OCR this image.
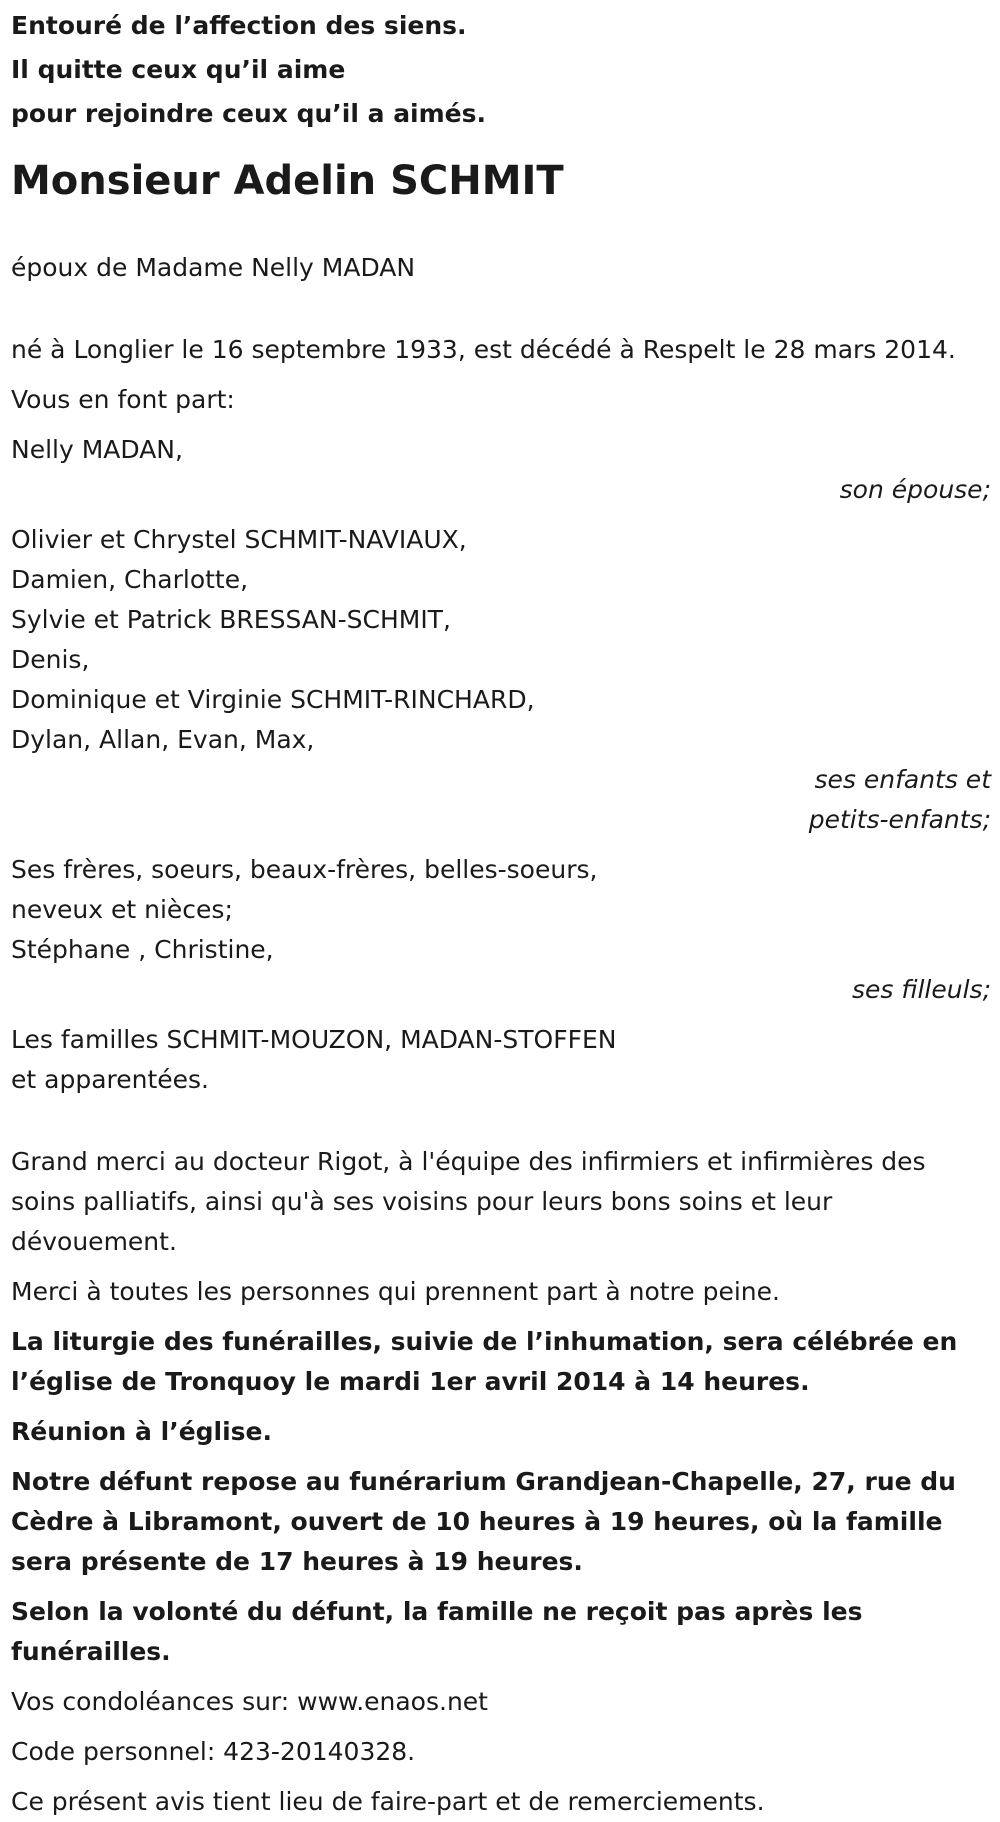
Entouré de l’affection des siens.

Il quitte ceux qu’il aime

pour rejoindre ceux qu’il a aimés.

Monsieur Adelin SCHMIT

époux de Madame Nelly MADAN

né à Longlier le 16 septembre 1933, est décédé à Respelt le 28 mars 2014.

Vous en font part:

Nelly MADAN,

son épouse;

Olivier et Chrystel SCHMIT-NAVIAUX,

Damien, Charlotte,

Sylvie et Patrick BRESSAN-SCHMIT,

Denis,

Dominique et Virginie SCHMIT-RINCHARD,

Dylan, Allan, Evan, Max,

ses enfants et

petits-enfants;

Ses frères, soeurs, beaux-frères, belles-soeurs,

neveux et nièces;

Stéphane , Christine,

ses filleuls;

Les familles SCHMIT-MOUZON, MADAN-STOFFEN

et apparentées.

Grand merci au docteur Rigot, à l'équipe des infirmiers et infirmières des soins palliatifs, ainsi qu'à ses voisins pour leurs bons soins et leur dévouement.

Merci à toutes les personnes qui prennent part à notre peine.

La liturgie des funérailles, suivie de l’inhumation, sera célébrée en l’église de Tronquoy le mardi 1er avril 2014 à 14 heures.

Réunion à l’église.

Notre défunt repose au funérarium Grandjean-Chapelle, 27, rue du Cèdre à Libramont, ouvert de 10 heures à 19 heures, où la famille sera présente de 17 heures à 19 heures.

Selon la volonté du défunt, la famille ne reçoit pas après les funérailles.

Vos condoléances sur: www.enaos.net

Code personnel: 423-20140328.

Ce présent avis tient lieu de faire-part et de remerciements.
